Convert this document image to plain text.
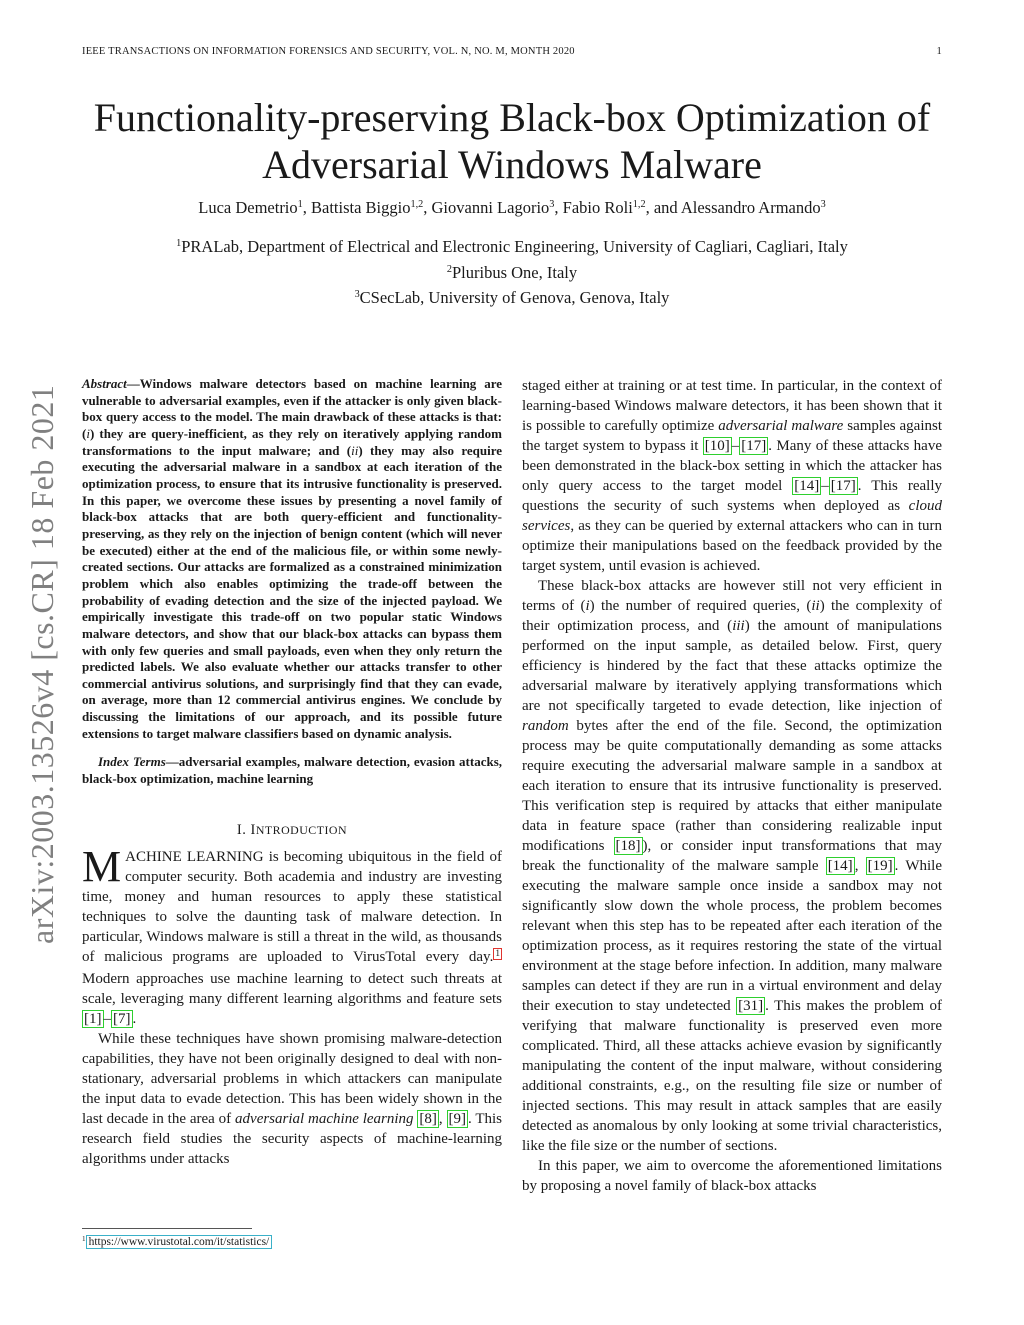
IEEE TRANSACTIONS ON INFORMATION FORENSICS AND SECURITY, VOL. N, NO. M, MONTH 2020	1
Functionality-preserving Black-box Optimization of
Adversarial Windows Malware
Luca Demetrio$^1$, Battista Biggio$^{1,2}$, Giovanni Lagorio$^3$, Fabio Roli$^{1,2}$, and Alessandro Armando$^3$
$^1$PRALab, Department of Electrical and Electronic Engineering, University of Cagliari, Cagliari, Italy
$^2$Pluribus One, Italy
$^3$CSecLab, University of Genova, Genova, Italy
arXiv:2003.13526v4 [cs.CR] 18 Feb 2021
Abstract—Windows malware detectors based on machine learning are vulnerable to adversarial examples, even if the attacker is only given black-box query access to the model. The main drawback of these attacks is that: (i) they are query-inefficient, as they rely on iteratively applying random transformations to the input malware; and (ii) they may also require executing the adversarial malware in a sandbox at each iteration of the optimization process, to ensure that its intrusive functionality is preserved. In this paper, we overcome these issues by presenting a novel family of black-box attacks that are both query-efficient and functionality-preserving, as they rely on the injection of benign content (which will never be executed) either at the end of the malicious file, or within some newly-created sections. Our attacks are formalized as a constrained minimization problem which also enables optimizing the trade-off between the probability of evading detection and the size of the injected payload. We empirically investigate this trade-off on two popular static Windows malware detectors, and show that our black-box attacks can bypass them with only few queries and small payloads, even when they only return the predicted labels. We also evaluate whether our attacks transfer to other commercial antivirus solutions, and surprisingly find that they can evade, on average, more than 12 commercial antivirus engines. We conclude by discussing the limitations of our approach, and its possible future extensions to target malware classifiers based on dynamic analysis.
Index Terms—adversarial examples, malware detection, evasion attacks, black-box optimization, machine learning
I. INTRODUCTION

MACHINE LEARNING is becoming ubiquitous in the field of computer security. Both academia and industry are investing time, money and human resources to apply these statistical techniques to solve the daunting task of malware detection. In particular, Windows malware is still a threat in the wild, as thousands of malicious programs are uploaded to VirusTotal every day. $^1$ Modern approaches use machine learning to detect such threats at scale, leveraging many different learning algorithms and feature sets [1] – [7] .

While these techniques have shown promising malware-detection capabilities, they have not been originally designed to deal with non-stationary, adversarial problems in which attackers can manipulate the input data to evade detection. This has been widely shown in the last decade in the area of adversarial machine learning [8] , [9] . This research field studies the security aspects of machine-learning algorithms under attacks

staged either at training or at test time. In particular, in the context of learning-based Windows malware detectors, it has been shown that it is possible to carefully optimize adversarial malware samples against the target system to bypass it [10] – [17] . Many of these attacks have been demonstrated in the black-box setting in which the attacker has only query access to the target model [14] – [17] . This really questions the security of such systems when deployed as cloud services, as they can be queried by external attackers who can in turn optimize their manipulations based on the feedback provided by the target system, until evasion is achieved.

These black-box attacks are however still not very efficient in terms of (i) the number of required queries, (ii) the complexity of their optimization process, and (iii) the amount of manipulations performed on the input sample, as detailed below. First, query efficiency is hindered by the fact that these attacks optimize the adversarial malware by iteratively applying transformations which are not specifically targeted to evade detection, like injection of random bytes after the end of the file. Second, the optimization process may be quite computationally demanding as some attacks require executing the adversarial malware sample in a sandbox at each iteration to ensure that its intrusive functionality is preserved. This verification step is required by attacks that either manipulate data in feature space (rather than considering realizable input modifications [18] ), or consider input transformations that may break the functionality of the malware sample [14] , [19] . While executing the malware sample once inside a sandbox may not significantly slow down the whole process, the problem becomes relevant when this step has to be repeated after each iteration of the optimization process, as it requires restoring the state of the virtual environment at the stage before infection. In addition, many malware samples can detect if they are run in a virtual environment and delay their execution to stay undetected [31] . This makes the problem of verifying that malware functionality is preserved even more complicated. Third, all these attacks achieve evasion by significantly manipulating the content of the input malware, without considering additional constraints, e.g., on the resulting file size or number of injected sections. This may result in attack samples that are easily detected as anomalous by only looking at some trivial characteristics, like the file size or the number of sections.

In this paper, we aim to overcome the aforementioned limitations by proposing a novel family of black-box attacks

$^1$ https://www.virustotal.com/it/statistics/
